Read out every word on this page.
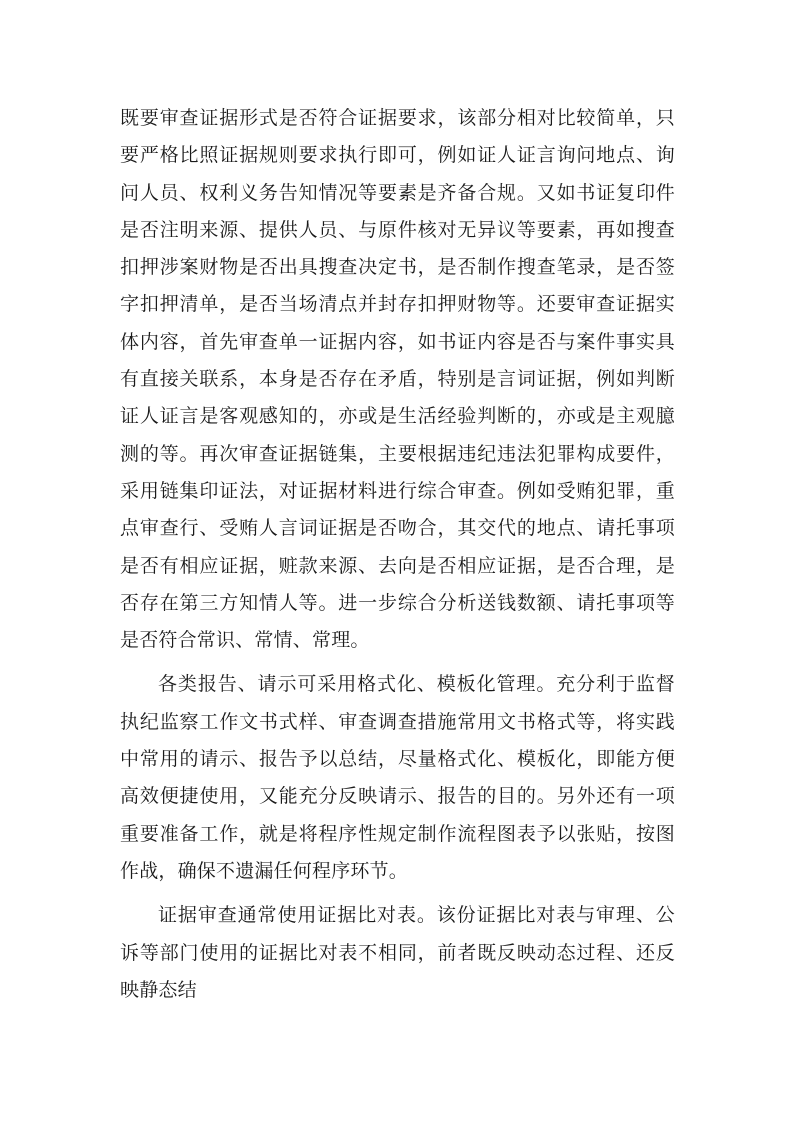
既要审查证据形式是否符合证据要求，该部分相对比较简单，只要严格比照证据规则要求执行即可，例如证人证言询问地点、询问人员、权利义务告知情况等要素是齐备合规。又如书证复印件是否注明来源、提供人员、与原件核对无异议等要素，再如搜查扣押涉案财物是否出具搜查决定书，是否制作搜查笔录，是否签字扣押清单，是否当场清点并封存扣押财物等。还要审查证据实体内容，首先审查单一证据内容，如书证内容是否与案件事实具有直接关联系，本身是否存在矛盾，特别是言词证据，例如判断证人证言是客观感知的，亦或是生活经验判断的，亦或是主观臆测的等。再次审查证据链集，主要根据违纪违法犯罪构成要件，采用链集印证法，对证据材料进行综合审查。例如受贿犯罪，重点审查行、受贿人言词证据是否吻合，其交代的地点、请托事项是否有相应证据，赃款来源、去向是否相应证据，是否合理，是否存在第三方知情人等。进一步综合分析送钱数额、请托事项等是否符合常识、常情、常理。

各类报告、请示可采用格式化、模板化管理。充分利于监督执纪监察工作文书式样、审查调查措施常用文书格式等，将实践中常用的请示、报告予以总结，尽量格式化、模板化，即能方便高效便捷使用，又能充分反映请示、报告的目的。另外还有一项重要准备工作，就是将程序性规定制作流程图表予以张贴，按图作战，确保不遗漏任何程序环节。

证据审查通常使用证据比对表。该份证据比对表与审理、公诉等部门使用的证据比对表不相同，前者既反映动态过程、还反映静态结
